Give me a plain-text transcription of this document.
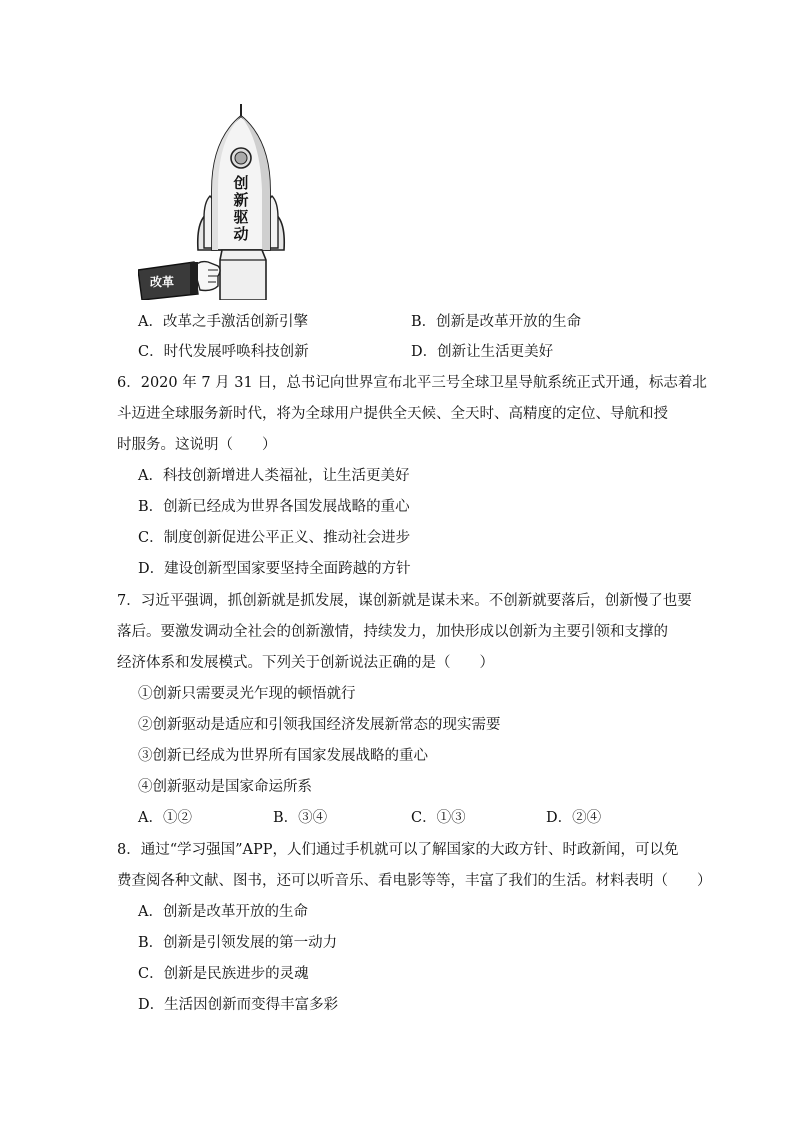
创
新
驱
动
改革
A．改革之手激活创新引擎	B．创新是改革开放的生命
C．时代发展呼唤科技创新	D．创新让生活更美好
6．2020 年 7 月 31 日，总书记向世界宣布北平三号全球卫星导航系统正式开通，标志着北
斗迈进全球服务新时代，将为全球用户提供全天候、全天时、高精度的定位、导航和授
时服务。这说明（　　）
A．科技创新增进人类福祉，让生活更美好
B．创新已经成为世界各国发展战略的重心
C．制度创新促进公平正义、推动社会进步
D．建设创新型国家要坚持全面跨越的方针
7．习近平强调，抓创新就是抓发展，谋创新就是谋未来。不创新就要落后，创新慢了也要
落后。要激发调动全社会的创新激情，持续发力，加快形成以创新为主要引领和支撑的
经济体系和发展模式。下列关于创新说法正确的是（　　）
①创新只需要灵光乍现的顿悟就行
②创新驱动是适应和引领我国经济发展新常态的现实需要
③创新已经成为世界所有国家发展战略的重心
④创新驱动是国家命运所系
A．①②	B．③④	C．①③	D．②④
8．通过“学习强国”APP，人们通过手机就可以了解国家的大政方针、时政新闻，可以免
费查阅各种文献、图书，还可以听音乐、看电影等等，丰富了我们的生活。材料表明（　　）
A．创新是改革开放的生命
B．创新是引领发展的第一动力
C．创新是民族进步的灵魂
D．生活因创新而变得丰富多彩
